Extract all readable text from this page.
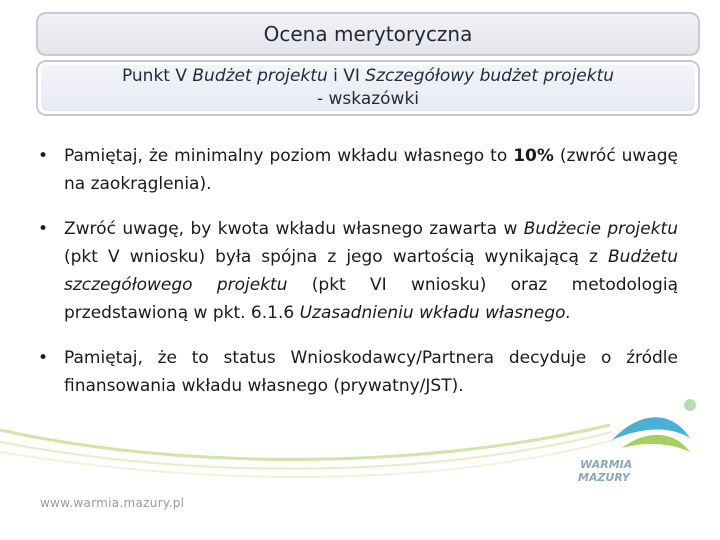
Ocena merytoryczna
Punkt V Budżet projektu i VI Szczegółowy budżet projektu
- wskazówki
• Pamiętaj, że minimalny poziom wkładu własnego to 10% (zwróć uwagę na zaokrąglenia).
• Zwróć uwagę, by kwota wkładu własnego zawarta w Budżecie projektu (pkt V wniosku) była spójna z jego wartością wynikającą z Budżetu szczegółowego projektu (pkt VI wniosku) oraz metodologią przedstawioną w pkt. 6.1.6 Uzasadnieniu wkładu własnego.
• Pamiętaj, że to status Wnioskodawcy/Partnera decyduje o źródle finansowania wkładu własnego (prywatny/JST).
WARMIA
MAZURY
www.warmia.mazury.pl
